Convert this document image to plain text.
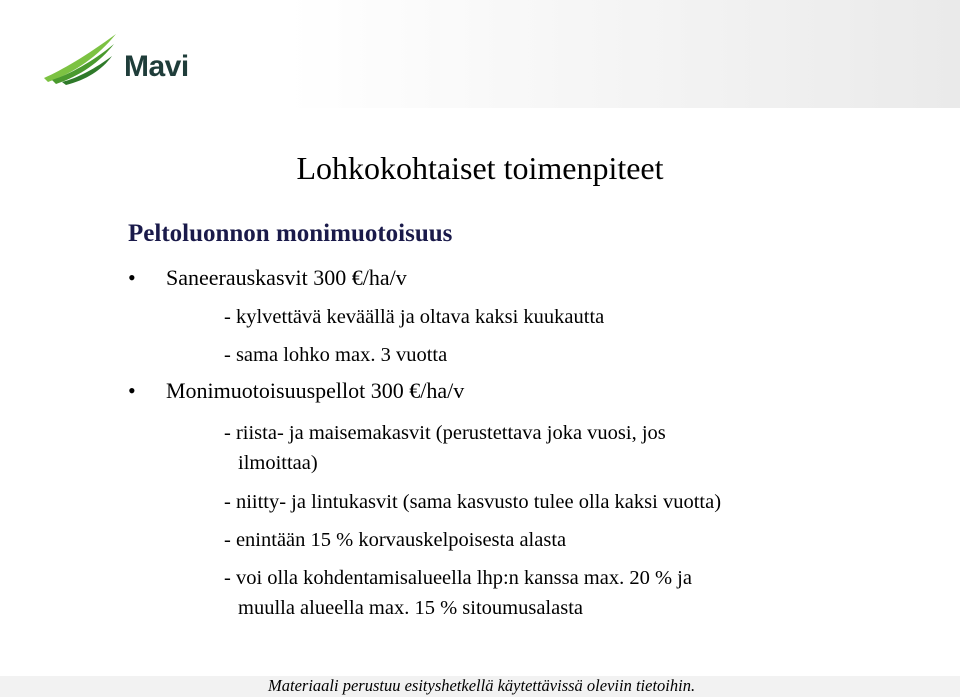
Mavi
Lohkokohtaiset toimenpiteet
Peltoluonnon monimuotoisuus
• Saneerauskasvit 300 €/ha/v
- kylvettävä keväällä ja oltava kaksi kuukautta
- sama lohko max. 3 vuotta
• Monimuotoisuuspellot 300 €/ha/v
- riista- ja maisemakasvit (perustettava joka vuosi, jos
ilmoittaa)
- niitty- ja lintukasvit (sama kasvusto tulee olla kaksi vuotta)
- enintään 15 % korvauskelpoisesta alasta
- voi olla kohdentamisalueella lhp:n kanssa max. 20 % ja
muulla alueella max. 15 % sitoumusalasta
Materiaali perustuu esityshetkellä käytettävissä oleviin tietoihin.
